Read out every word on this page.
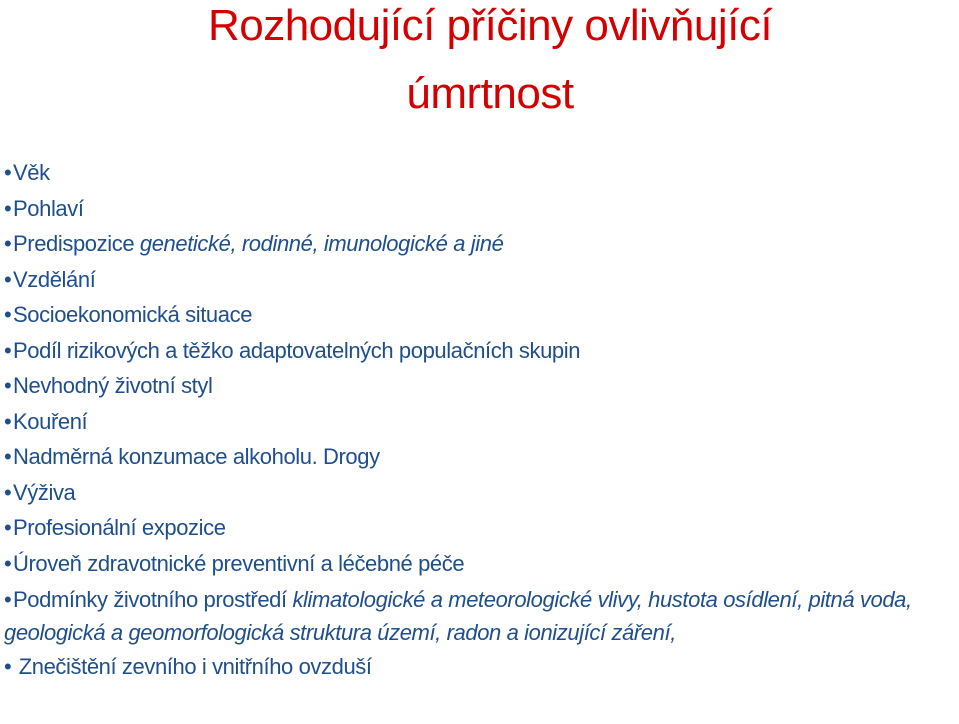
Rozhodující příčiny ovlivňující
úmrtnost
•Věk
•Pohlaví
•Predispozice genetické, rodinné, imunologické a jiné
•Vzdělání
•Socioekonomická situace
•Podíl rizikových a těžko adaptovatelných populačních skupin
•Nevhodný životní styl
•Kouření
•Nadměrná konzumace alkoholu. Drogy
•Výživa
•Profesionální expozice
•Úroveň zdravotnické preventivní a léčebné péče
•Podmínky životního prostředí klimatologické a meteorologické vlivy, hustota osídlení, pitná voda, geologická a geomorfologická struktura území, radon a ionizující záření,
• Znečištění zevního i vnitřního ovzduší
